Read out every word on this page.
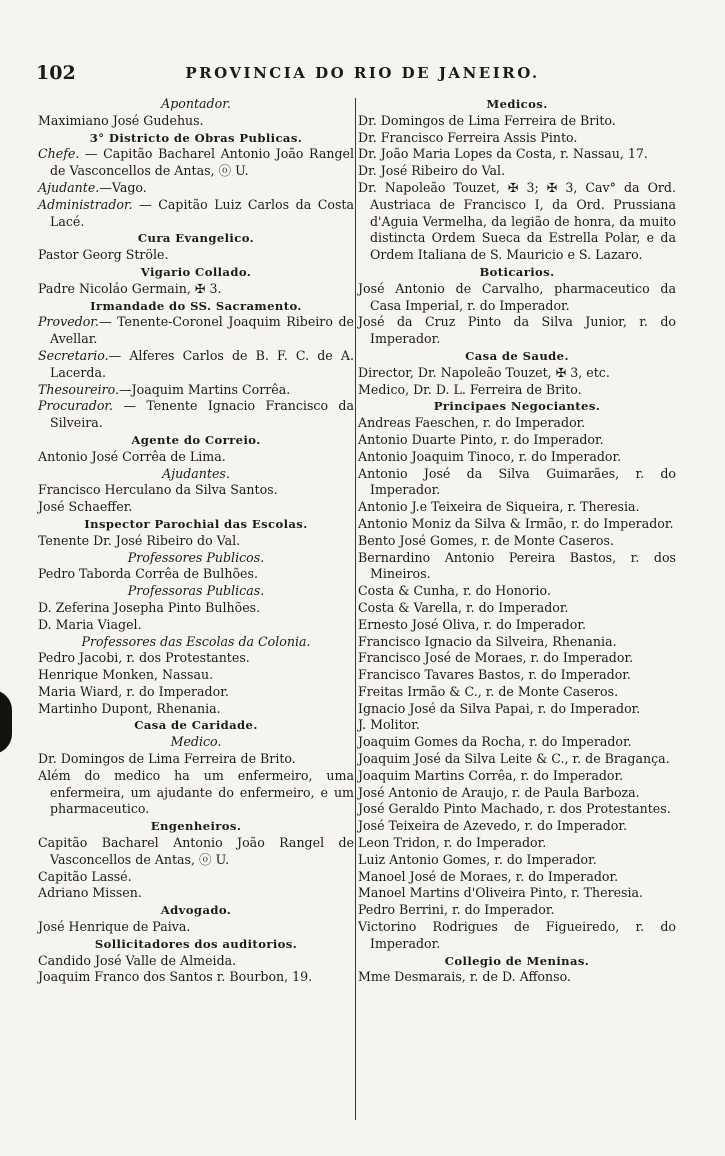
102	PROVINCIA DO RIO DE JANEIRO.

Apontador.

Maximiano José Gudehus.

3° Districto de Obras Publicas.

Chefe. — Capitão Bacharel Antonio João Rangel de Vasconcellos de Antas, ⓞ U.

Ajudante.—Vago.

Administrador. — Capitão Luiz Carlos da Costa Lacé.

Cura Evangelico.

Pastor Georg Ströle.

Vigario Collado.

Padre Nicoláo Germain, ✠ 3.

Irmandade do SS. Sacramento.

Provedor.— Tenente-Coronel Joaquim Ribeiro de Avellar.

Secretario.— Alferes Carlos de B. F. C. de A. Lacerda.

Thesoureiro.—Joaquim Martins Corrêa.

Procurador. — Tenente Ignacio Francisco da Silveira.

Agente do Correio.

Antonio José Corrêa de Lima.

Ajudantes.

Francisco Herculano da Silva Santos.

José Schaeffer.

Inspector Parochial das Escolas.

Tenente Dr. José Ribeiro do Val.

Professores Publicos.

Pedro Taborda Corrêa de Bulhões.

Professoras Publicas.

D. Zeferina Josepha Pinto Bulhões.

D. Maria Viagel.

Professores das Escolas da Colonia.

Pedro Jacobi, r. dos Protestantes.

Henrique Monken, Nassau.

Maria Wiard, r. do Imperador.

Martinho Dupont, Rhenania.

Casa de Caridade.

Medico.

Dr. Domingos de Lima Ferreira de Brito.

Além do medico ha um enfermeiro, uma enfermeira, um ajudante do enfermeiro, e um pharmaceutico.

Engenheiros.

Capitão Bacharel Antonio João Rangel de Vasconcellos de Antas, ⓞ U.

Capitão Lassé.

Adriano Missen.

Advogado.

José Henrique de Paiva.

Sollicitadores dos auditorios.

Candido José Valle de Almeida.

Joaquim Franco dos Santos r. Bourbon, 19.

Medicos.

Dr. Domingos de Lima Ferreira de Brito.

Dr. Francisco Ferreira Assis Pinto.

Dr. João Maria Lopes da Costa, r. Nassau, 17.

Dr. José Ribeiro do Val.

Dr. Napoleão Touzet, ✠ 3; ✠ 3, Cav° da Ord. Austriaca de Francisco I, da Ord. Prussiana d'Aguia Vermelha, da legião de honra, da muito distincta Ordem Sueca da Estrella Polar, e da Ordem Italiana de S. Mauricio e S. Lazaro.

Boticarios.

José Antonio de Carvalho, pharmaceutico da Casa Imperial, r. do Imperador.

José da Cruz Pinto da Silva Junior, r. do Imperador.

Casa de Saude.

Director, Dr. Napoleão Touzet, ✠ 3, etc.

Medico, Dr. D. L. Ferreira de Brito.

Principaes Negociantes.

Andreas Faeschen, r. do Imperador.

Antonio Duarte Pinto, r. do Imperador.

Antonio Joaquim Tinoco, r. do Imperador.

Antonio José da Silva Guimarães, r. do Imperador.

Antonio J.e Teixeira de Siqueira, r. Theresia.

Antonio Moniz da Silva & Irmão, r. do Imperador.

Bento José Gomes, r. de Monte Caseros.

Bernardino Antonio Pereira Bastos, r. dos Mineiros.

Costa & Cunha, r. do Honorio.

Costa & Varella, r. do Imperador.

Ernesto José Oliva, r. do Imperador.

Francisco Ignacio da Silveira, Rhenania.

Francisco José de Moraes, r. do Imperador.

Francisco Tavares Bastos, r. do Imperador.

Freitas Irmão & C., r. de Monte Caseros.

Ignacio José da Silva Papai, r. do Imperador.

J. Molitor.

Joaquim Gomes da Rocha, r. do Imperador.

Joaquim José da Silva Leite & C., r. de Bragança.

Joaquim Martins Corrêa, r. do Imperador.

José Antonio de Araujo, r. de Paula Barboza.

José Geraldo Pinto Machado, r. dos Protestantes.

José Teixeira de Azevedo, r. do Imperador.

Leon Tridon, r. do Imperador.

Luiz Antonio Gomes, r. do Imperador.

Manoel José de Moraes, r. do Imperador.

Manoel Martins d'Oliveira Pinto, r. Theresia.

Pedro Berrini, r. do Imperador.

Victorino Rodrigues de Figueiredo, r. do Imperador.

Collegio de Meninas.

Mme Desmarais, r. de D. Affonso.
